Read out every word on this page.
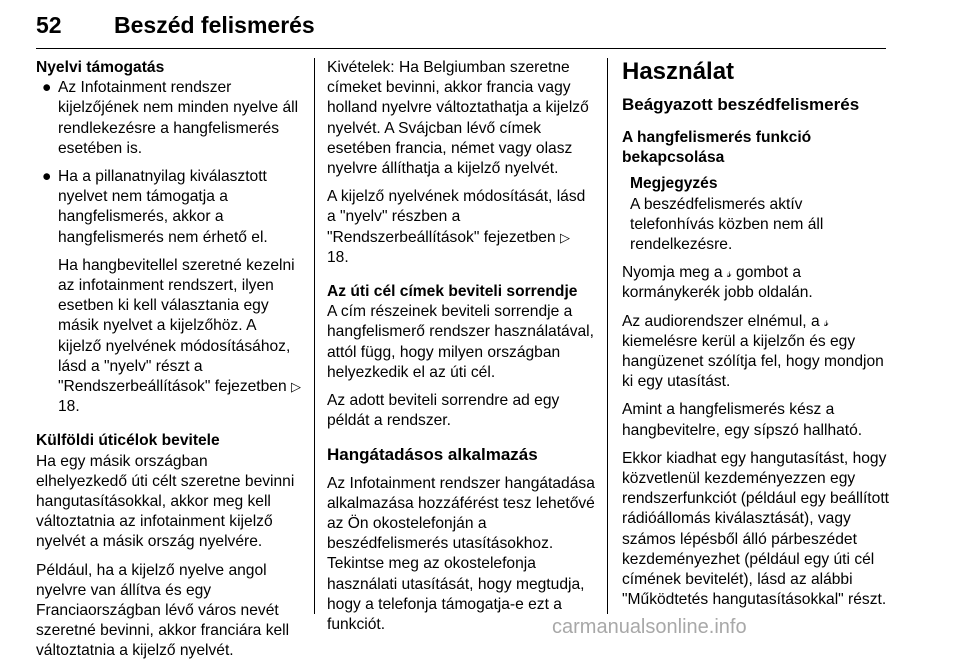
52 Beszéd felismerés

Nyelvi támogatás

● Az Infotainment rendszer kijelzőjének nem minden nyelve áll rendlekezésre a hangfelismerés esetében is.
● Ha a pillanatnyilag kiválasztott nyelvet nem támogatja a hangfelismerés, akkor a hangfelismerés nem érhető el.

Ha hangbevitellel szeretné kezelni az infotainment rendszert, ilyen esetben ki kell választania egy másik nyelvet a kijelzőhöz. A kijelző nyelvének módosításához, lásd a "nyelv" részt a "Rendszerbeállítások" fejezetben ▷ 18.

Külföldi úticélok bevitele

Ha egy másik országban elhelyezkedő úti célt szeretne bevinni hangutasításokkal, akkor meg kell változtatnia az infotainment kijelző nyelvét a másik ország nyelvére.

Például, ha a kijelző nyelve angol nyelvre van állítva és egy Franciaországban lévő város nevét szeretné bevinni, akkor franciára kell változtatnia a kijelző nyelvét.

Kivételek: Ha Belgiumban szeretne címeket bevinni, akkor francia vagy holland nyelvre változtathatja a kijelző nyelvét. A Svájcban lévő címek esetében francia, német vagy olasz nyelvre állíthatja a kijelző nyelvét.

A kijelző nyelvének módosítását, lásd a "nyelv" részben a "Rendszerbeállítások" fejezetben ▷ 18.

Az úti cél címek beviteli sorrendje

A cím részeinek beviteli sorrendje a hangfelismerő rendszer használatával, attól függ, hogy milyen országban helyezkedik el az úti cél.

Az adott beviteli sorrendre ad egy példát a rendszer.

Hangátadásos alkalmazás

Az Infotainment rendszer hangátadása alkalmazása hozzáférést tesz lehetővé az Ön okostelefonján a beszédfelismerés utasításokhoz. Tekintse meg az okostelefonja használati utasítását, hogy megtudja, hogy a telefonja támogatja-e ezt a funkciót.

Használat

Beágyazott beszédfelismerés

A hangfelismerés funkció bekapcsolása

Megjegyzés
A beszédfelismerés aktív telefonhívás közben nem áll rendelkezésre.

Nyomja meg a 𝓈 gombot a kormánykerék jobb oldalán.

Az audiorendszer elnémul, a 𝓈 kiemelésre kerül a kijelzőn és egy hangüzenet szólítja fel, hogy mondjon ki egy utasítást.

Amint a hangfelismerés kész a hangbevitelre, egy sípszó hallható.

Ekkor kiadhat egy hangutasítást, hogy közvetlenül kezdeményezzen egy rendszerfunkciót (például egy beállított rádióállomás kiválasztását), vagy számos lépésből álló párbeszédet kezdeményezhet (például egy úti cél címének bevitelét), lásd az alábbi "Működtetés hangutasításokkal" részt.

carmanualsonline.info
